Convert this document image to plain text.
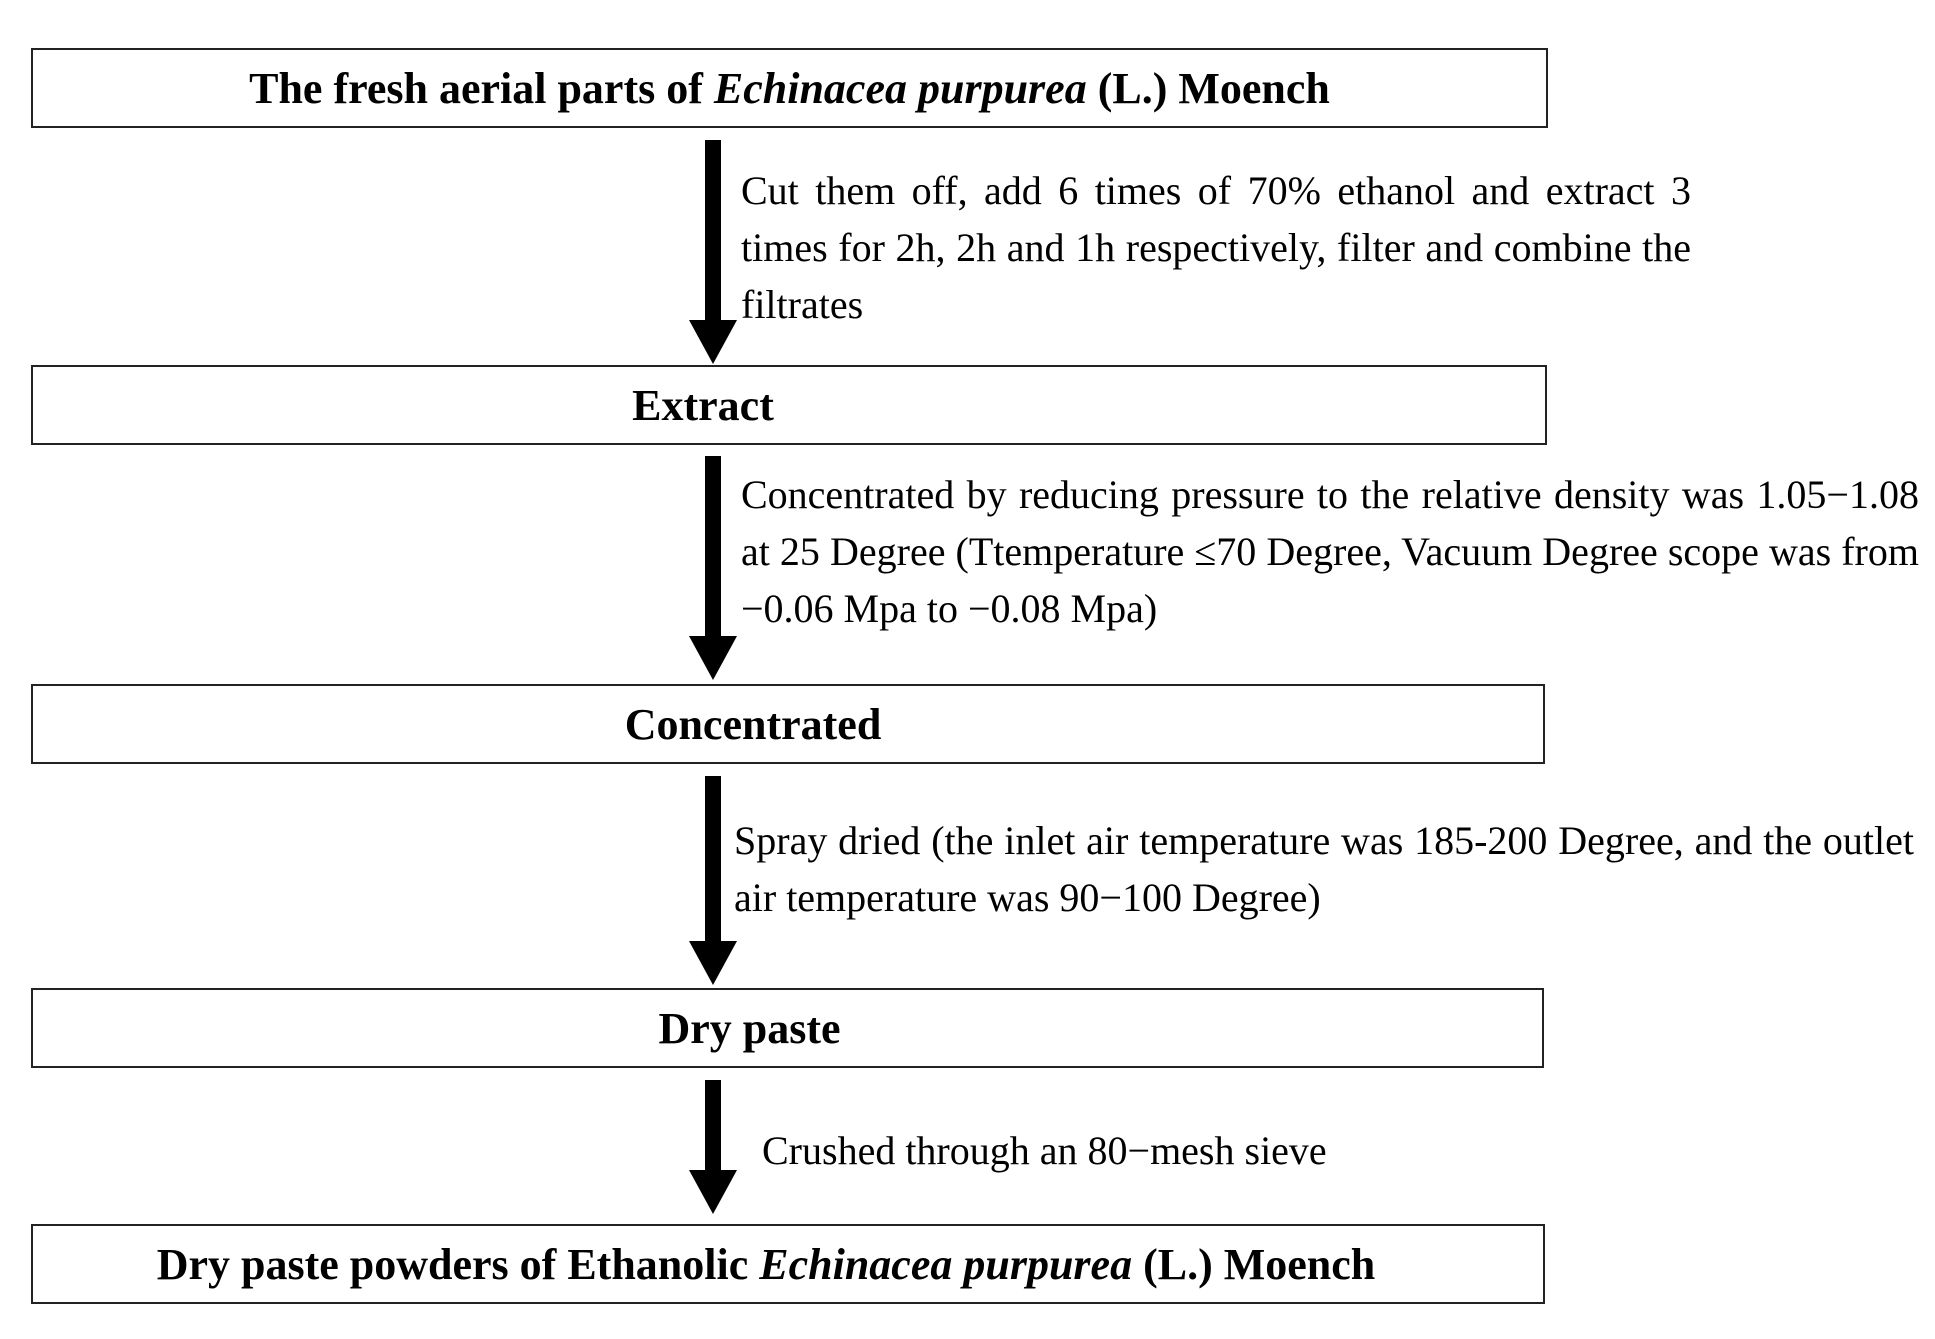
The fresh aerial parts of Echinacea purpurea (L.) Moench
Cut them off, add 6 times of 70% ethanol and extract 3 times for 2h, 2h and 1h respectively, filter and combine the filtrates
Extract
Concentrated by reducing pressure to the relative density was 1.05−1.08 at 25 Degree (Ttemperature ≤70 Degree, Vacuum Degree scope was from −0.06 Mpa to −0.08 Mpa)
Concentrated
Spray dried (the inlet air temperature was 185-200 Degree, and the outlet air temperature was 90−100 Degree)
Dry paste
Crushed through an 80−mesh sieve
Dry paste powders of Ethanolic Echinacea purpurea (L.) Moench
